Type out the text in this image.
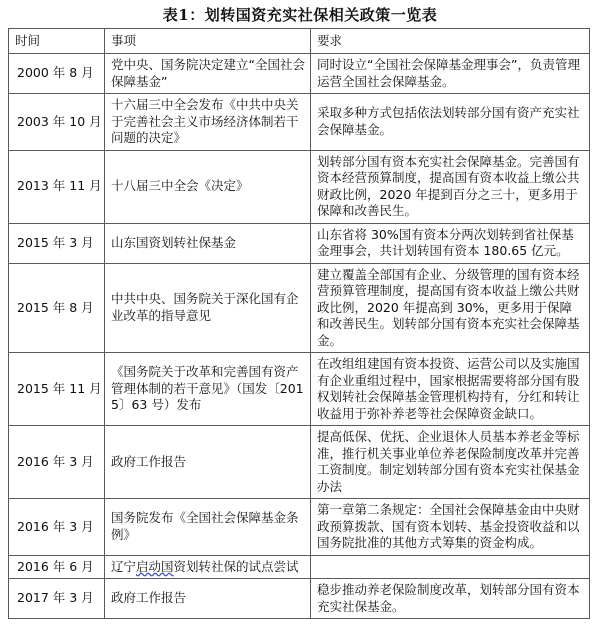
表1：划转国资充实社保相关政策一览表
时间	事项	要求
2000 年 8 月	党中央、国务院决定建立“全国社会保障基金”	同时设立“全国社会保障基金理事会”，负责管理运营全国社会保障基金。
2003 年 10 月	十六届三中全会发布《中共中央关于完善社会主义市场经济体制若干问题的决定》	采取多种方式包括依法划转部分国有资产充实社会保障基金。
2013 年 11 月	十八届三中全会《决定》	划转部分国有资本充实社会保障基金。完善国有资本经营预算制度，提高国有资本收益上缴公共财政比例，2020 年提到百分之三十，更多用于保障和改善民生。
2015 年 3 月	山东国资划转社保基金	山东省将 30%国有资本分两次划转到省社保基金理事会，共计划转国有资本 180.65 亿元。
2015 年 8 月	中共中央、国务院关于深化国有企业改革的指导意见	建立覆盖全部国有企业、分级管理的国有资本经营预算管理制度，提高国有资本收益上缴公共财政比例，2020 年提高到 30%，更多用于保障和改善民生。划转部分国有资本充实社会保障基金。
2015 年 11 月	《国务院关于改革和完善国有资产管理体制的若干意见》（国发〔2015〕63 号）发布	在改组组建国有资本投资、运营公司以及实施国有企业重组过程中，国家根据需要将部分国有股权划转社会保障基金管理机构持有，分红和转让收益用于弥补养老等社会保障资金缺口。
2016 年 3 月	政府工作报告	提高低保、优抚、企业退休人员基本养老金等标准，推行机关事业单位养老保险制度改革并完善工资制度。制定划转部分国有资本充实社保基金办法
2016 年 3 月	国务院发布《全国社会保障基金条例》	第一章第二条规定：全国社会保障基金由中央财政预算拨款、国有资本划转、基金投资收益和以国务院批准的其他方式筹集的资金构成。
2016 年 6 月	辽宁启动国资划转社保的试点尝试	
2017 年 3 月	政府工作报告	稳步推动养老保险制度改革，划转部分国有资本充实社保基金。
